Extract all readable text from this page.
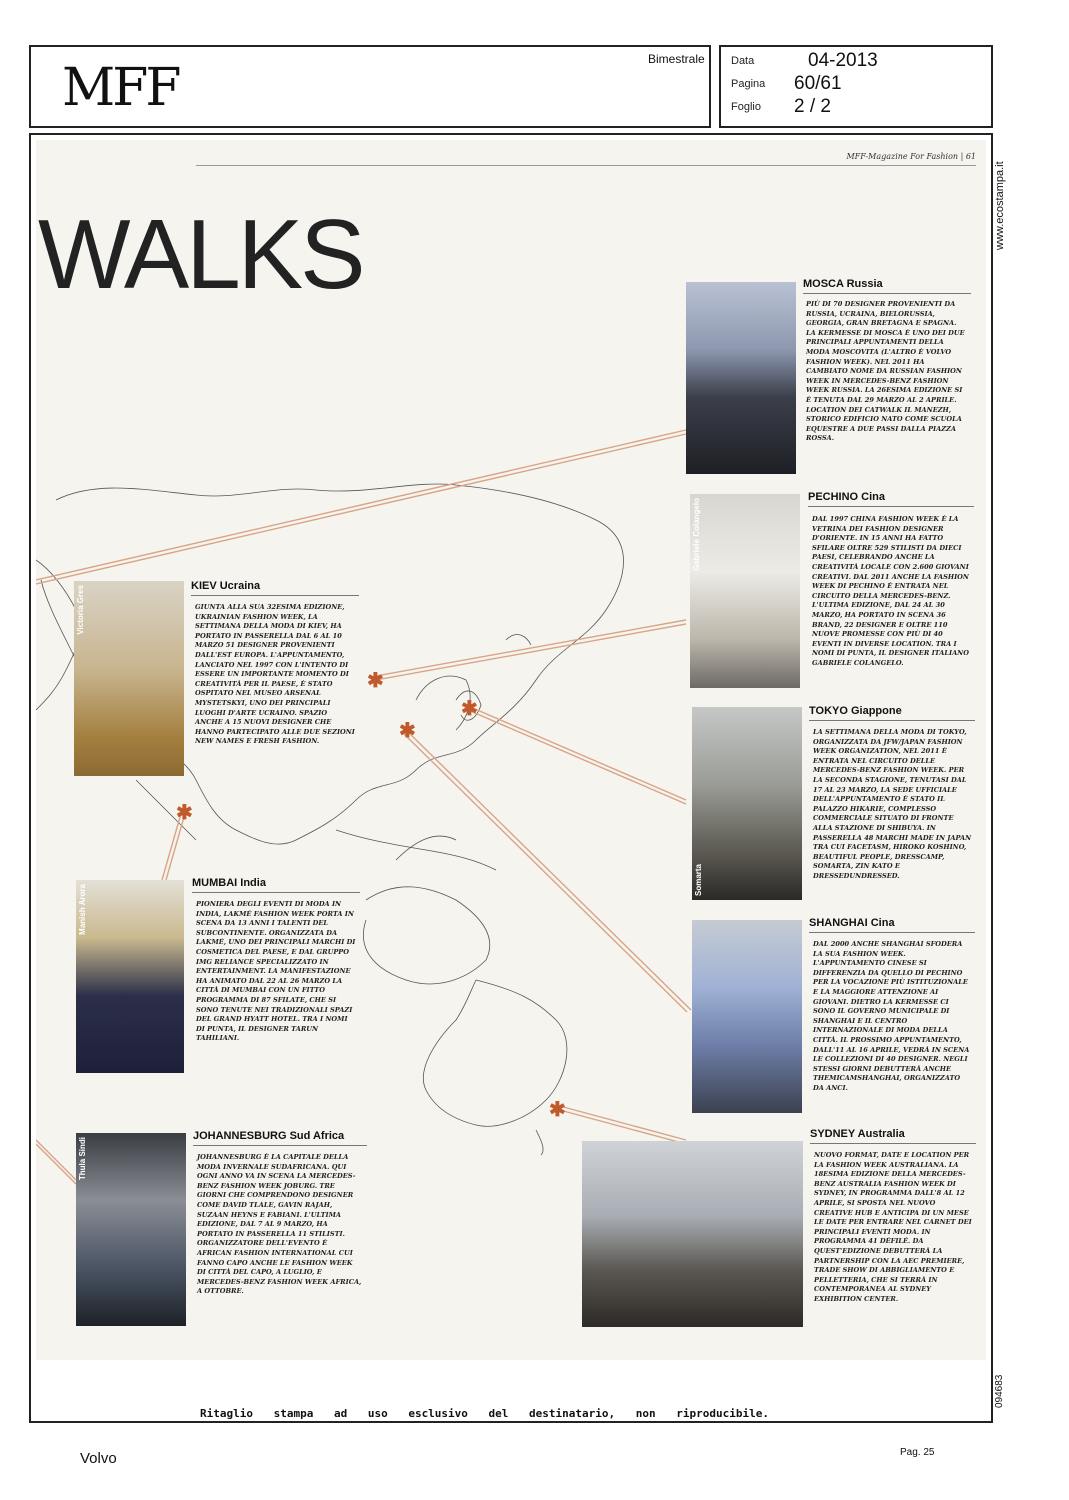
MFF	Bimestrale Data	04-2013
Pagina 60/61
Foglio 2 / 2
www.ecostampa.it
✱
✱
✱
✱
✱
MFF-Magazine For Fashion | 61
WALKS	MOSCA Russia
PIÙ DI 70 DESIGNER PROVENIENTI DA RUSSIA, UCRAINA, BIELORUSSIA, GEORGIA, GRAN BRETAGNA E SPAGNA. LA KERMESSE DI MOSCA È UNO DEI DUE PRINCIPALI APPUNTAMENTI DELLA MODA MOSCOVITA (L'ALTRO È VOLVO FASHION WEEK). NEL 2011 HA CAMBIATO NOME DA RUSSIAN FASHION WEEK IN MERCEDES-BENZ FASHION WEEK RUSSIA. LA 26ESIMA EDIZIONE SI È TENUTA DAL 29 MARZO AL 2 APRILE. LOCATION DEI CATWALK IL MANEZH, STORICO EDIFICIO NATO COME SCUOLA EQUESTRE A DUE PASSI DALLA PIAZZA ROSSA.
Gabriele Colangelo
PECHINO Cina
DAL 1997 CHINA FASHION WEEK È LA VETRINA DEI FASHION DESIGNER D'ORIENTE. IN 15 ANNI HA FATTO SFILARE OLTRE 529 STILISTI DA DIECI PAESI, CELEBRANDO ANCHE LA CREATIVITÀ LOCALE CON 2.600 GIOVANI CREATIVI. DAL 2011 ANCHE LA FASHION WEEK DI PECHINO È ENTRATA NEL CIRCUITO DELLA MERCEDES-BENZ. L'ULTIMA EDIZIONE, DAL 24 AL 30 MARZO, HA PORTATO IN SCENA 36 BRAND, 22 DESIGNER E OLTRE 110 NUOVE PROMESSE CON PIÙ DI 40 EVENTI IN DIVERSE LOCATION. TRA I NOMI DI PUNTA, IL DESIGNER ITALIANO GABRIELE COLANGELO.
Victoria Gres	KIEV Ucraina
GIUNTA ALLA SUA 32ESIMA EDIZIONE, UKRAINIAN FASHION WEEK, LA SETTIMANA DELLA MODA DI KIEV, HA PORTATO IN PASSERELLA DAL 6 AL 10 MARZO 51 DESIGNER PROVENIENTI DALL'EST EUROPA. L'APPUNTAMENTO, LANCIATO NEL 1997 CON L'INTENTO DI ESSERE UN IMPORTANTE MOMENTO DI CREATIVITÀ PER IL PAESE, È STATO OSPITATO NEL MUSEO ARSENAL MYSTETSKYI, UNO DEI PRINCIPALI LUOGHI D'ARTE UCRAINO. SPAZIO ANCHE A 15 NUOVI DESIGNER CHE HANNO PARTECIPATO ALLE DUE SEZIONI NEW NAMES E FRESH FASHION.
Somarta
TOKYO Giappone
LA SETTIMANA DELLA MODA DI TOKYO, ORGANIZZATA DA JFW/JAPAN FASHION WEEK ORGANIZATION, NEL 2011 È ENTRATA NEL CIRCUITO DELLE MERCEDES-BENZ FASHION WEEK. PER LA SECONDA STAGIONE, TENUTASI DAL 17 AL 23 MARZO, LA SEDE UFFICIALE DELL'APPUNTAMENTO È STATO IL PALAZZO HIKARIE, COMPLESSO COMMERCIALE SITUATO DI FRONTE ALLA STAZIONE DI SHIBUYA. IN PASSERELLA 48 MARCHI MADE IN JAPAN TRA CUI FACETASM, HIROKO KOSHINO, BEAUTIFUL PEOPLE, DRESSCAMP, SOMARTA, ZIN KATO E DRESSEDUNDRESSED.
Manish Arora
MUMBAI India
PIONIERA DEGLI EVENTI DI MODA IN INDIA, LAKMÉ FASHION WEEK PORTA IN SCENA DA 13 ANNI I TALENTI DEL SUBCONTINENTE. ORGANIZZATA DA LAKMÉ, UNO DEI PRINCIPALI MARCHI DI COSMETICA DEL PAESE, E DAL GRUPPO IMG RELIANCE SPECIALIZZATO IN ENTERTAINMENT. LA MANIFESTAZIONE HA ANIMATO DAL 22 AL 26 MARZO LA CITTÀ DI MUMBAI CON UN FITTO PROGRAMMA DI 87 SFILATE, CHE SI SONO TENUTE NEI TRADIZIONALI SPAZI DEL GRAND HYATT HOTEL. TRA I NOMI DI PUNTA, IL DESIGNER TARUN TAHILIANI.
SHANGHAI Cina
DAL 2000 ANCHE SHANGHAI SFODERA LA SUA FASHION WEEK. L'APPUNTAMENTO CINESE SI DIFFERENZIA DA QUELLO DI PECHINO PER LA VOCAZIONE PIÙ ISTITUZIONALE E LA MAGGIORE ATTENZIONE AI GIOVANI. DIETRO LA KERMESSE CI SONO IL GOVERNO MUNICIPALE DI SHANGHAI E IL CENTRO INTERNAZIONALE DI MODA DELLA CITTÀ. IL PROSSIMO APPUNTAMENTO, DALL'11 AL 16 APRILE, VEDRÀ IN SCENA LE COLLEZIONI DI 40 DESIGNER. NEGLI STESSI GIORNI DEBUTTERÀ ANCHE THEMICAMSHANGHAI, ORGANIZZATO DA ANCI.
Thula Sindi
JOHANNESBURG Sud Africa
JOHANNESBURG È LA CAPITALE DELLA MODA INVERNALE SUDAFRICANA. QUI OGNI ANNO VA IN SCENA LA MERCEDES-BENZ FASHION WEEK JOBURG. TRE GIORNI CHE COMPRENDONO DESIGNER COME DAVID TLALE, GAVIN RAJAH, SUZAAN HEYNS E FABIANI. L'ULTIMA EDIZIONE, DAL 7 AL 9 MARZO, HA PORTATO IN PASSERELLA 11 STILISTI. ORGANIZZATORE DELL'EVENTO È AFRICAN FASHION INTERNATIONAL CUI FANNO CAPO ANCHE LE FASHION WEEK DI CITTÀ DEL CAPO, A LUGLIO, E MERCEDES-BENZ FASHION WEEK AFRICA, A OTTOBRE.
SYDNEY Australia
NUOVO FORMAT, DATE E LOCATION PER LA FASHION WEEK AUSTRALIANA. LA 18ESIMA EDIZIONE DELLA MERCEDES-BENZ AUSTRALIA FASHION WEEK DI SYDNEY, IN PROGRAMMA DALL'8 AL 12 APRILE, SI SPOSTA NEL NUOVO CREATIVE HUB E ANTICIPA DI UN MESE LE DATE PER ENTRARE NEL CARNET DEI PRINCIPALI EVENTI MODA. IN PROGRAMMA 41 DÉFILÉ. DA QUEST'EDIZIONE DEBUTTERÀ LA PARTNERSHIP CON LA AEC PREMIERE, TRADE SHOW DI ABBIGLIAMENTO E PELLETTERIA, CHE SI TERRÀ IN CONTEMPORANEA AL SYDNEY EXHIBITION CENTER.
094683
Ritaglio stampa ad uso esclusivo del destinatario, non riproducibile.
Volvo	Pag. 25
